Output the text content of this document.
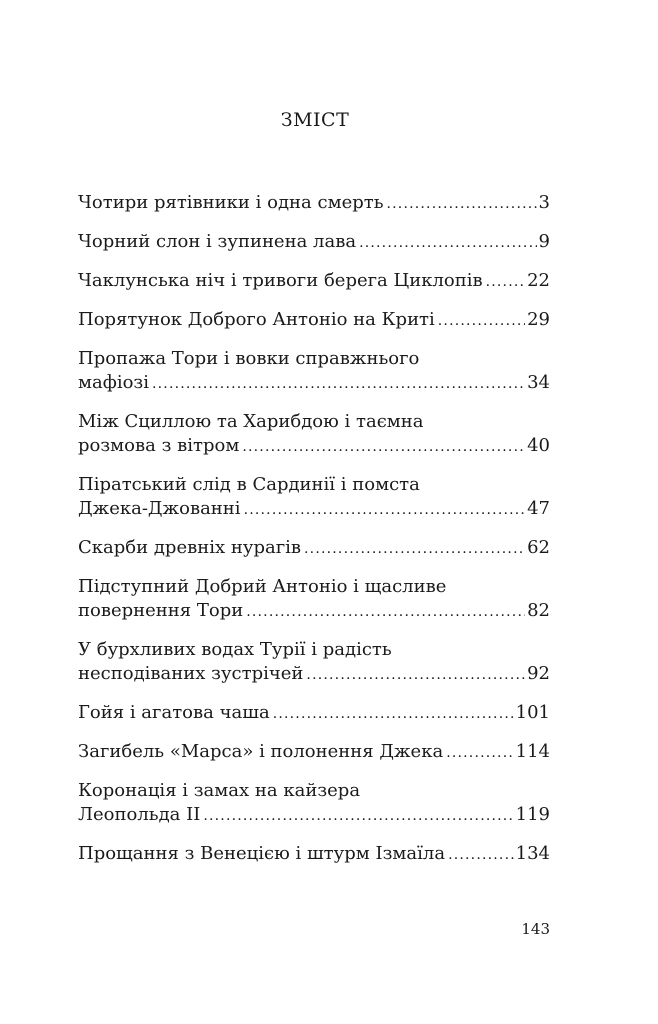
ЗМІСТ
Чотири рятівники і одна смерть .....	3
Чорний слон і зупинена лава .....	9
Чаклунська ніч і тривоги берега Циклопів ..... 22
Порятунок Доброго Антоніо на Криті .....	29
Пропажа Тори і вовки справжнього
мафіозі .....	34
Між Сциллою та Харибдою і таємна
розмова з вітром .....	40
Піратський слід в Сардинії і помста
Джека-Джованні .....	47
Скарби древніх нурагів .....	62
Підступний Добрий Антоніо і щасливе
повернення Тори .....	82
У бурхливих водах Турії і радість
несподіваних зустрічей .....	92
Гойя і агатова чаша .....	101
Загибель «Марса» і полонення Джека .....	114
Коронація і замах на кайзера
Леопольда II .....	119
Прощання з Венецією і штурм Ізмаїла .....	134
143
